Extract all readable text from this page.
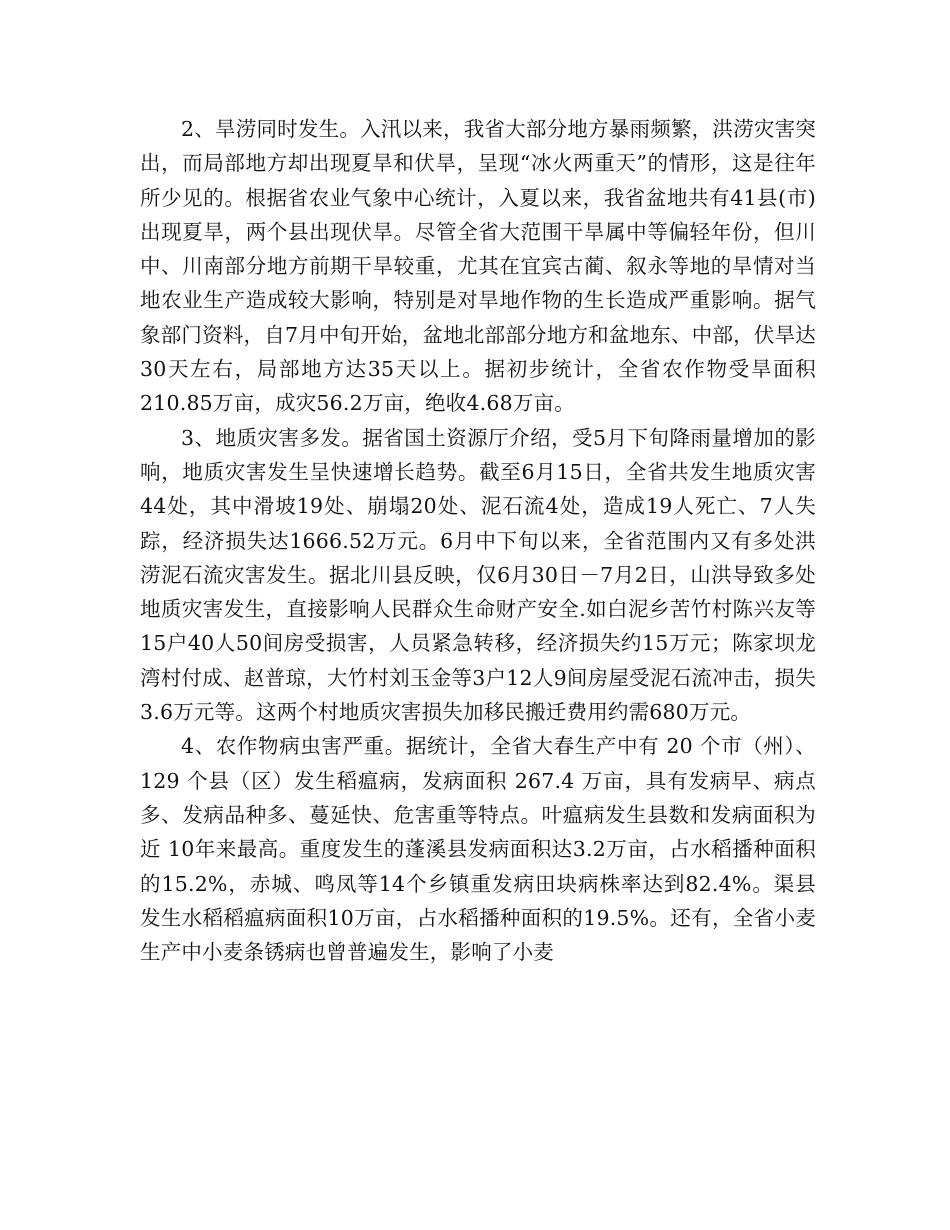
2、旱涝同时发生。入汛以来，我省大部分地方暴雨频繁，洪涝灾害突出，而局部地方却出现夏旱和伏旱，呈现“冰火两重天”的情形，这是往年所少见的。根据省农业气象中心统计，入夏以来，我省盆地共有41县(市)出现夏旱，两个县出现伏旱。尽管全省大范围干旱属中等偏轻年份，但川中、川南部分地方前期干旱较重，尤其在宜宾古蔺、叙永等地的旱情对当地农业生产造成较大影响，特别是对旱地作物的生长造成严重影响。据气象部门资料，自7月中旬开始，盆地北部部分地方和盆地东、中部，伏旱达30天左右，局部地方达35天以上。据初步统计，全省农作物受旱面积210.85万亩，成灾56.2万亩，绝收4.68万亩。

3、地质灾害多发。据省国土资源厅介绍，受5月下旬降雨量增加的影响，地质灾害发生呈快速增长趋势。截至6月15日，全省共发生地质灾害44处，其中滑坡19处、崩塌20处、泥石流4处，造成19人死亡、7人失踪，经济损失达1666.52万元。6月中下旬以来，全省范围内又有多处洪涝泥石流灾害发生。据北川县反映，仅6月30日－7月2日，山洪导致多处地质灾害发生，直接影响人民群众生命财产安全.如白泥乡苦竹村陈兴友等15户40人50间房受损害，人员紧急转移，经济损失约15万元；陈家坝龙湾村付成、赵普琼，大竹村刘玉金等3户12人9间房屋受泥石流冲击，损失3.6万元等。这两个村地质灾害损失加移民搬迁费用约需680万元。

4、农作物病虫害严重。据统计，全省大春生产中有 20 个市（州）、129 个县（区）发生稻瘟病，发病面积 267.4 万亩，具有发病早、病点多、发病品种多、蔓延快、危害重等特点。叶瘟病发生县数和发病面积为近 10年来最高。重度发生的蓬溪县发病面积达3.2万亩，占水稻播种面积的15.2%，赤城、鸣凤等14个乡镇重发病田块病株率达到82.4%。渠县发生水稻稻瘟病面积10万亩，占水稻播种面积的19.5%。还有，全省小麦生产中小麦条锈病也曾普遍发生，影响了小麦
